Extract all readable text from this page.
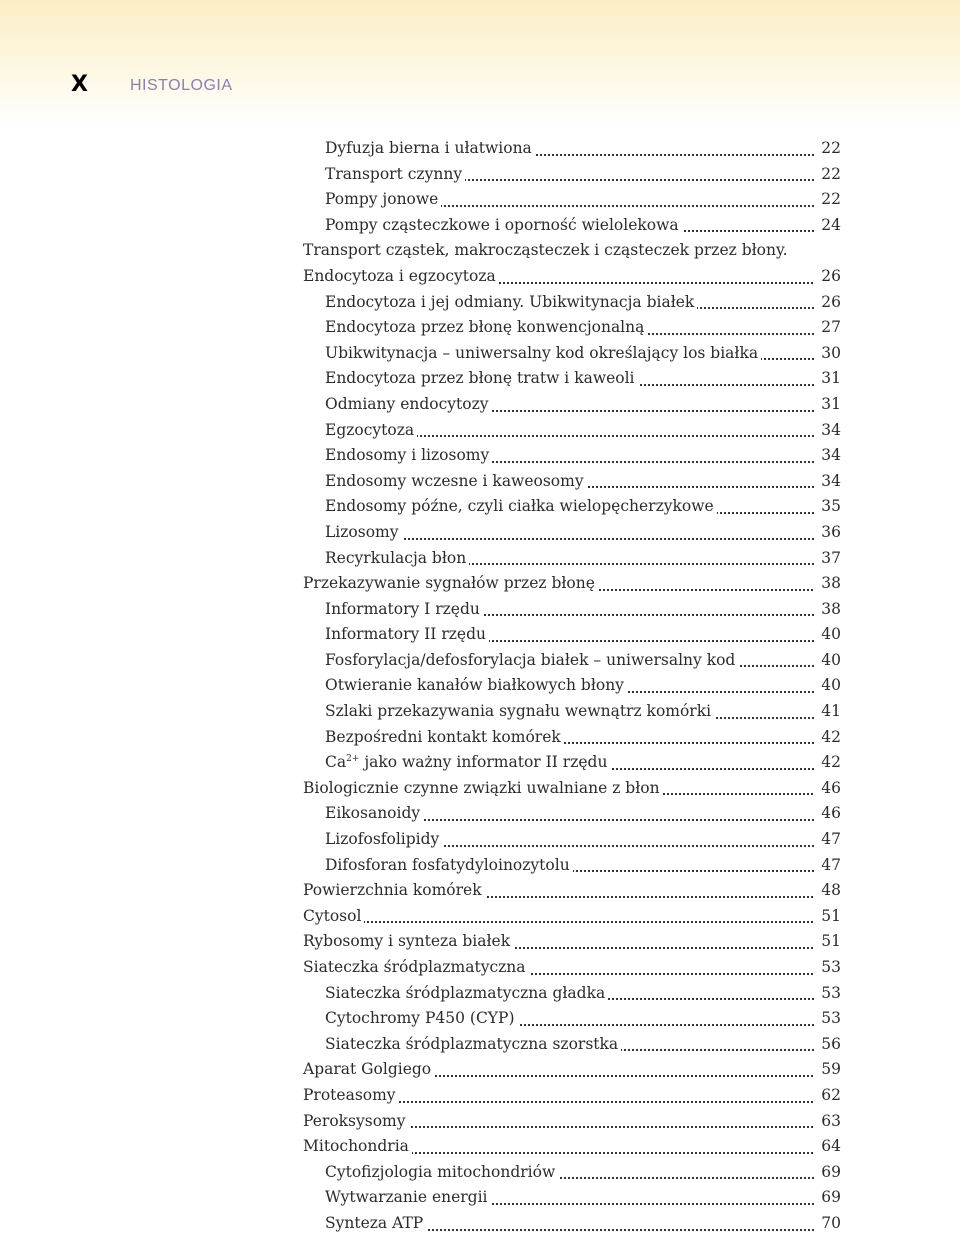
X	HISTOLOGIA
Dyfuzja bierna i ułatwiona	22
Transport czynny	22
Pompy jonowe	22
Pompy cząsteczkowe i oporność wielolekowa	24
Transport cząstek, makrocząsteczek i cząsteczek przez błony.
Endocytoza i egzocytoza	26
Endocytoza i jej odmiany. Ubikwitynacja białek	26
Endocytoza przez błonę konwencjonalną	27
Ubikwitynacja – uniwersalny kod określający los białka	30
Endocytoza przez błonę tratw i kaweoli	31
Odmiany endocytozy	31
Egzocytoza	34
Endosomy i lizosomy	34
Endosomy wczesne i kaweosomy	34
Endosomy późne, czyli ciałka wielopęcherzykowe	35
Lizosomy	36
Recyrkulacja błon	37
Przekazywanie sygnałów przez błonę	38
Informatory I rzędu	38
Informatory II rzędu	40
Fosforylacja/defosforylacja białek – uniwersalny kod	40
Otwieranie kanałów białkowych błony	40
Szlaki przekazywania sygnału wewnątrz komórki	41
Bezpośredni kontakt komórek	42
$Ca^{2+}$ jako ważny informator II rzędu	42
Biologicznie czynne związki uwalniane z błon	46
Eikosanoidy	46
Lizofosfolipidy	47
Difosforan fosfatydyloinozytolu	47
Powierzchnia komórek	48
Cytosol	51
Rybosomy i synteza białek	51
Siateczka śródplazmatyczna	53
Siateczka śródplazmatyczna gładka	53
Cytochromy P450 (CYP)	53
Siateczka śródplazmatyczna szorstka	56
Aparat Golgiego	59
Proteasomy	62
Peroksysomy	63
Mitochondria	64
Cytofizjologia mitochondriów	69
Wytwarzanie energii	69
Synteza ATP	70
